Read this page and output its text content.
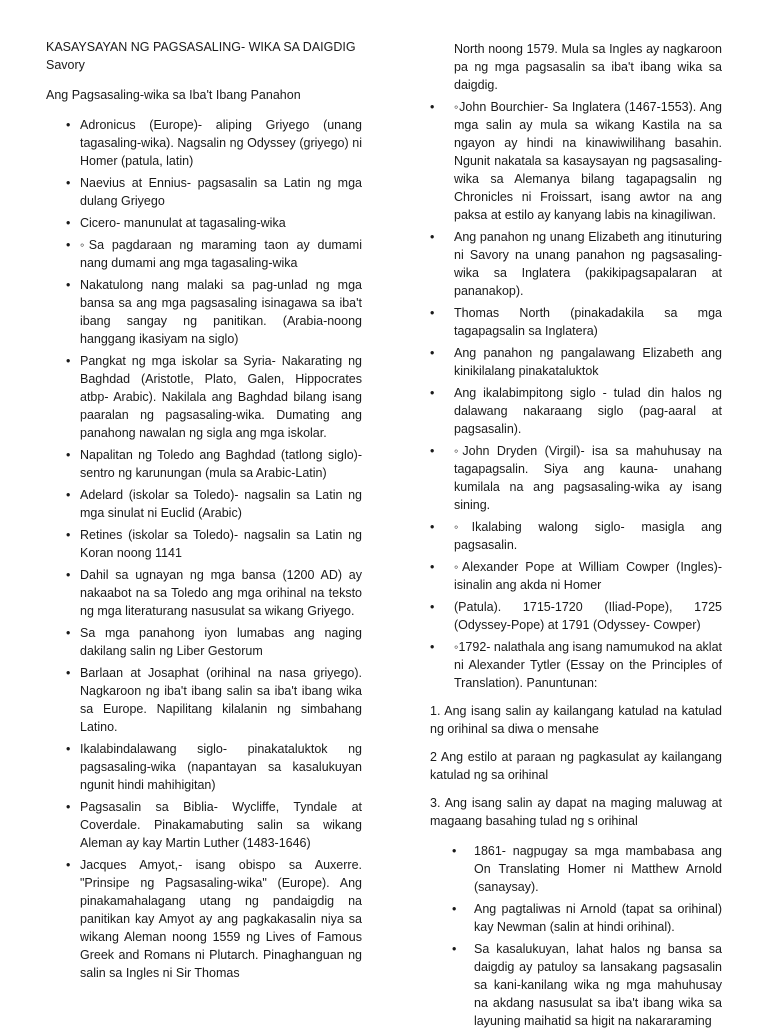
KASAYSAYAN NG PAGSASALING- WIKA SA DAIGDIG

Savory

Ang Pagsasaling-wika sa Iba't Ibang Panahon

• Adronicus (Europe)- aliping Griyego (unang tagasaling-wika). Nagsalin ng Odyssey (griyego) ni Homer (patula, latin)
• Naevius at Ennius- pagsasalin sa Latin ng mga dulang Griyego
• Cicero- manunulat at tagasaling-wika
• ◦Sa pagdaraan ng maraming taon ay dumami nang dumami ang mga tagasaling-wika
• Nakatulong nang malaki sa pag-unlad ng mga bansa sa ang mga pagsasaling isinagawa sa iba't ibang sangay ng panitikan. (Arabia-noong hanggang ikasiyam na siglo)
• Pangkat ng mga iskolar sa Syria- Nakarating ng Baghdad (Aristotle, Plato, Galen, Hippocrates atbp- Arabic). Nakilala ang Baghdad bilang isang paaralan ng pagsasaling-wika. Dumating ang panahong nawalan ng sigla ang mga iskolar.
• Napalitan ng Toledo ang Baghdad (tatlong siglo)- sentro ng karunungan (mula sa Arabic-Latin)
• Adelard (iskolar sa Toledo)- nagsalin sa Latin ng mga sinulat ni Euclid (Arabic)
• Retines (iskolar sa Toledo)- nagsalin sa Latin ng Koran noong 1141
• Dahil sa ugnayan ng mga bansa (1200 AD) ay nakaabot na sa Toledo ang mga orihinal na teksto ng mga literaturang nasusulat sa wikang Griyego.
• Sa mga panahong iyon lumabas ang naging dakilang salin ng Liber Gestorum
• Barlaan at Josaphat (orihinal na nasa griyego). Nagkaroon ng iba't ibang salin sa iba't ibang wika sa Europe. Napilitang kilalanin ng simbahang Latino.
• Ikalabindalawang siglo- pinakataluktok ng pagsasaling-wika (napantayan sa kasalukuyan ngunit hindi mahihigitan)
• Pagsasalin sa Biblia- Wycliffe, Tyndale at Coverdale. Pinakamabuting salin sa wikang Aleman ay kay Martin Luther (1483-1646)
• Jacques Amyot,- isang obispo sa Auxerre. "Prinsipe ng Pagsasaling-wika" (Europe). Ang pinakamahalagang utang ng pandaigdig na panitikan kay Amyot ay ang pagkakasalin niya sa wikang Aleman noong 1559 ng Lives of Famous Greek and Romans ni Plutarch. Pinaghanguan ng salin sa Ingles ni Sir Thomas

North noong 1579. Mula sa Ingles ay nagkaroon pa ng mga pagsasalin sa iba't ibang wika sa daigdig.

• ◦John Bourchier- Sa Inglatera (1467-1553). Ang mga salin ay mula sa wikang Kastila na sa ngayon ay hindi na kinawiwilihang basahin. Ngunit nakatala sa kasaysayan ng pagsasaling-wika sa Alemanya bilang tagapagsalin ng Chronicles ni Froissart, isang awtor na ang paksa at estilo ay kanyang labis na kinagiliwan.
• Ang panahon ng unang Elizabeth ang itinuturing ni Savory na unang panahon ng pagsasaling-wika sa Inglatera (pakikipagsapalaran at pananakop).
• Thomas North (pinakadakila sa mga tagapagsalin sa Inglatera)
• Ang panahon ng pangalawang Elizabeth ang kinikilalang pinakataluktok
• Ang ikalabimpitong siglo - tulad din halos ng dalawang nakaraang siglo (pag-aaral at pagsasalin).
• ◦John Dryden (Virgil)- isa sa mahuhusay na tagapagsalin. Siya ang kauna- unahang kumilala na ang pagsasaling-wika ay isang sining.
• ◦Ikalabing walong siglo- masigla ang pagsasalin.
• ◦Alexander Pope at William Cowper (Ingles)- isinalin ang akda ni Homer
• (Patula). 1715-1720 (Iliad-Pope), 1725 (Odyssey-Pope) at 1791 (Odyssey- Cowper)
• ◦1792- nalathala ang isang namumukod na aklat ni Alexander Tytler (Essay on the Principles of Translation). Panuntunan:

1. Ang isang salin ay kailangang katulad na katulad ng orihinal sa diwa o mensahe

2 Ang estilo at paraan ng pagkasulat ay kailangang katulad ng sa orihinal

3. Ang isang salin ay dapat na maging maluwag at magaang basahing tulad ng s orihinal

• 1861- nagpugay sa mga mambabasa ang On Translating Homer ni Matthew Arnold (sanaysay).
• Ang pagtaliwas ni Arnold (tapat sa orihinal) kay Newman (salin at hindi orihinal).
• Sa kasalukuyan, lahat halos ng bansa sa daigdig ay patuloy sa lansakang pagsasalin sa kani-kanilang wika ng mga mahuhusay na akdang nasusulat sa iba't ibang wika sa layuning maihatid sa higit na nakararaming
